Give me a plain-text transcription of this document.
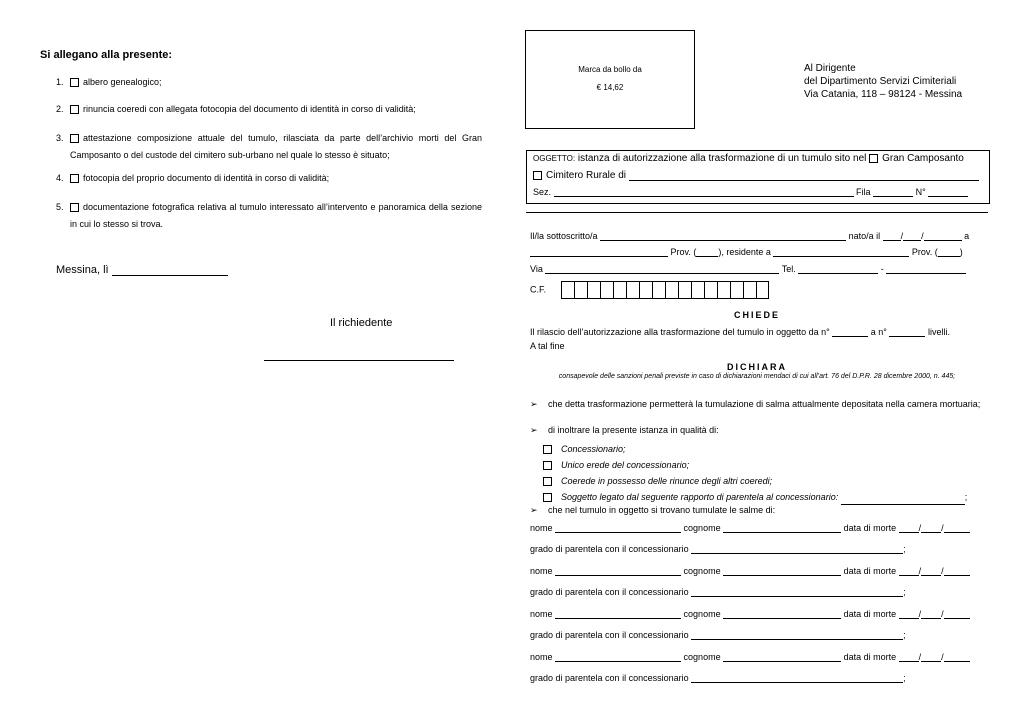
Si allegano alla presente:
1. albero genealogico;
2. rinuncia coeredi con allegata fotocopia del documento di identità in corso di validità;
3. attestazione composizione attuale del tumulo, rilasciata da parte dell’archivio morti del Gran Camposanto o del custode del cimitero sub-urbano nel quale lo stesso è situato;
4. fotocopia del proprio documento di identità in corso di validità;
5. documentazione fotografica relativa al tumulo interessato all’intervento e panoramica della sezione in cui lo stesso si trova.
Messina, lì
Il richiedente
Marca da bollo da
€ 14,62
Al Dirigente
del Dipartimento Servizi Cimiteriali
Via Catania, 118 – 98124 - Messina
OGGETTO: istanza di autorizzazione alla trasformazione di un tumulo sito nel Gran Camposanto
Cimitero Rurale di
Sez.	Fila	N°
Il/la sottoscritto/a	nato/a il / /	a
Prov. ( ), residente a	Prov. ( )
Via	Tel.	-
C.F.
CHIEDE
Il rilascio dell’autorizzazione alla trasformazione del tumulo in oggetto da n°	a n°	livelli.
A tal fine
DICHIARA
consapevole delle sanzioni penali previste in caso di dichiarazioni mendaci di cui all’art. 76 del D.P.R. 28 dicembre 2000, n. 445;
➢	che detta trasformazione permetterà la tumulazione di salma attualmente depositata nella camera mortuaria;
➢	di inoltrare la presente istanza in qualità di:
Concessionario;
Unico erede del concessionario;
Coerede in possesso delle rinunce degli altri coeredi;
Soggetto legato dal seguente rapporto di parentela al concessionario:	;
➢	che nel tumulo in oggetto si trovano tumulate le salme di:
nome	cognome	data di morte	/ /
grado di parentela con il concessionario	;
nome	cognome	data di morte	/ /
grado di parentela con il concessionario	;
nome	cognome	data di morte	/ /
grado di parentela con il concessionario	;
nome	cognome	data di morte	/ /
grado di parentela con il concessionario	;
